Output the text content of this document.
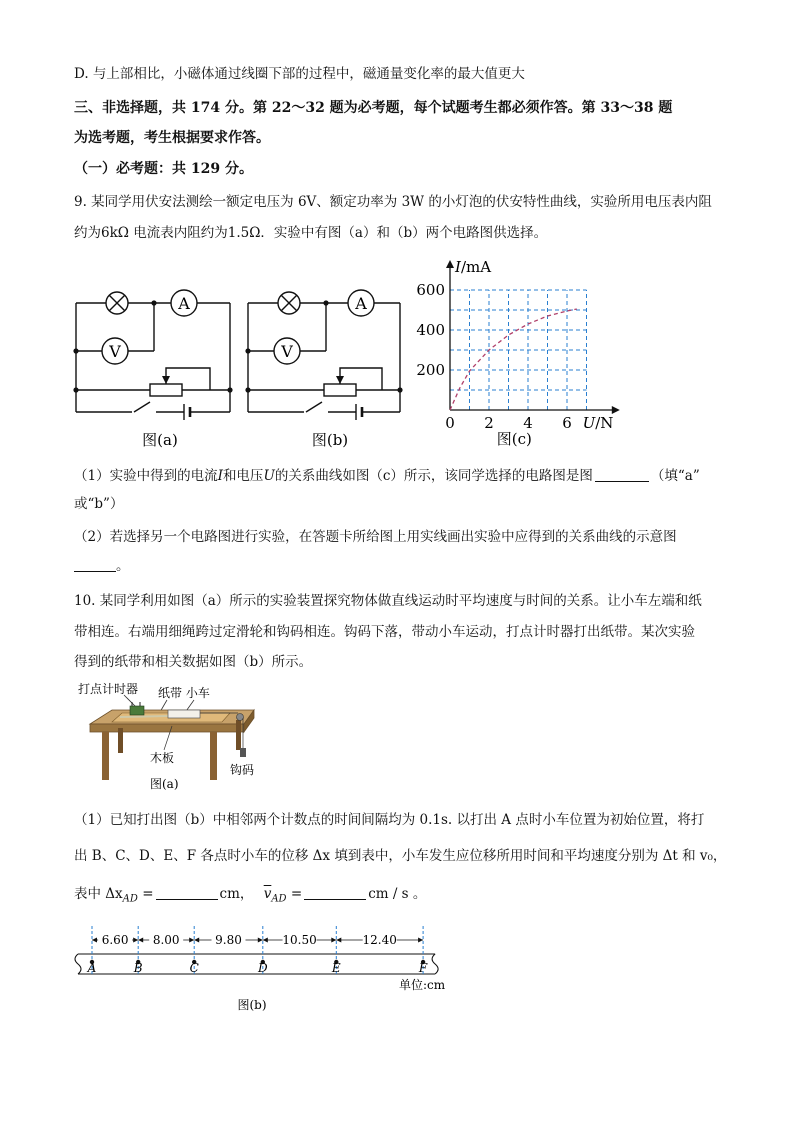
D. 与上部相比，小磁体通过线圈下部的过程中，磁通量变化率的最大值更大
三、非选择题，共 174 分。第 22～32 题为必考题，每个试题考生都必须作答。第 33～38 题
为选考题，考生根据要求作答。
（一）必考题：共 129 分。
9. 某同学用伏安法测绘一额定电压为 6V、额定功率为 3W 的小灯泡的伏安特性曲线，实验所用电压表内阻
约为6kΩ 电流表内阻约为1.5Ω．实验中有图（a）和（b）两个电路图供选择。
A
V
A
V
图(a)	图(b)
0 2 4 6
200
400
600
I/mA
U/N
图(c)
（1）实验中得到的电流I和电压U的关系曲线如图（c）所示，该同学选择的电路图是图	（填“a”
或“b”）
（2）若选择另一个电路图进行实验，在答题卡所给图上用实线画出实验中应得到的关系曲线的示意图
。
10. 某同学利用如图（a）所示的实验装置探究物体做直线运动时平均速度与时间的关系。让小车左端和纸
带相连。右端用细绳跨过定滑轮和钩码相连。钩码下落，带动小车运动，打点计时器打出纸带。某次实验
得到的纸带和相关数据如图（b）所示。
打点计时器 纸带 小车
木板
钩码
图(a)
（1）已知打出图（b）中相邻两个计数点的时间间隔均为 0.1s. 以打出 A 点时小车位置为初始位置，将打
出 B、C、D、E、F 各点时小车的位移 Δx 填到表中，小车发生应位移所用时间和平均速度分别为 Δt 和 v₀，
表中 $\Delta x_{AD}$ =	cm， $\overline{v}_{AD}$ =	cm / s 。
A	B	C	D	E	F
6.60 8.00	9.80	10.50	12.40
单位:cm
图(b)
